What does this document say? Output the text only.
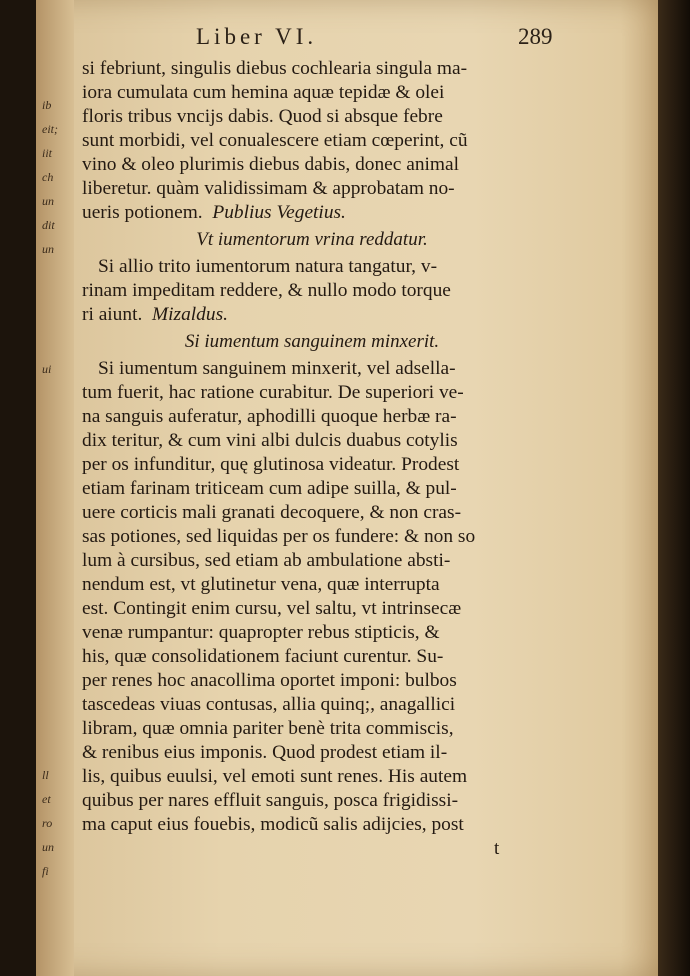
ib
eit;
iit
ch
un
dit
un
ui
ll
et
ro
un
fi
Liber VI.	289
si febriunt, singulis diebus cochlearia singula ma-
iora cumulata cum hemina aquæ tepidæ & olei
floris tribus vncijs dabis. Quod si absque febre
sunt morbidi, vel conualescere etiam cœperint, cũ
vino & oleo plurimis diebus dabis, donec animal
liberetur. quàm validissimam & approbatam no-
ueris potionem. Publius Vegetius.
Vt iumentorum vrina reddatur.
Si allio trito iumentorum natura tangatur, v-
rinam impeditam reddere, & nullo modo torque
ri aiunt. Mizaldus.
Si iumentum sanguinem minxerit.
Si iumentum sanguinem minxerit, vel adsella-
tum fuerit, hac ratione curabitur. De superiori ve-
na sanguis auferatur, aphodilli quoque herbæ ra-
dix teritur, & cum vini albi dulcis duabus cotylis
per os infunditur, quę glutinosa videatur. Prodest
etiam farinam triticeam cum adipe suilla, & pul-
uere corticis mali granati decoquere, & non cras-
sas potiones, sed liquidas per os fundere: & non so
lum à cursibus, sed etiam ab ambulatione absti-
nendum est, vt glutinetur vena, quæ interrupta
est. Contingit enim cursu, vel saltu, vt intrinsecæ
venæ rumpantur: quapropter rebus stipticis, &
his, quæ consolidationem faciunt curentur. Su-
per renes hoc anacollima oportet imponi: bulbos
tascedeas viuas contusas, allia quinq;, anagallici
libram, quæ omnia pariter benè trita commiscis,
& renibus eius imponis. Quod prodest etiam il-
lis, quibus euulsi, vel emoti sunt renes. His autem
quibus per nares effluit sanguis, posca frigidissi-
ma caput eius fouebis, modicũ salis adijcies, post
t
